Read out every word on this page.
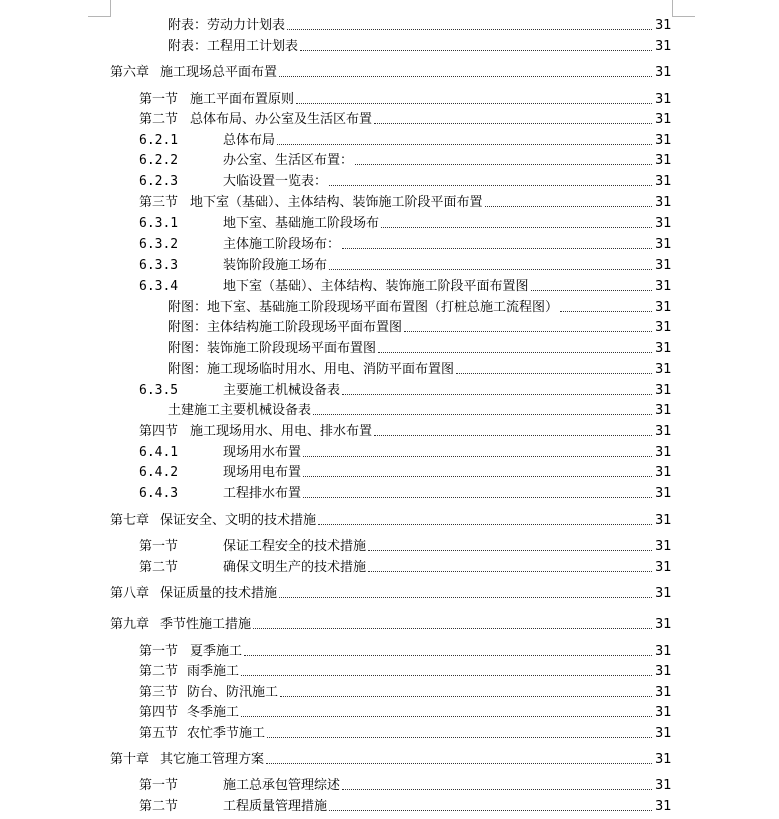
附表：劳动力计划表	31
附表：工程用工计划表	31
第六章 施工现场总平面布置	31
第一节 施工平面布置原则	31
第二节 总体布局、办公室及生活区布置	31
6.2.1	总体布局	31
6.2.2	办公室、生活区布置：	31
6.2.3	大临设置一览表：	31
第三节 地下室（基础）、主体结构、装饰施工阶段平面布置	31
6.3.1	地下室、基础施工阶段场布	31
6.3.2	主体施工阶段场布：	31
6.3.3	装饰阶段施工场布	31
6.3.4	地下室（基础）、主体结构、装饰施工阶段平面布置图	31
附图：地下室、基础施工阶段现场平面布置图（打桩总施工流程图）	31
附图：主体结构施工阶段现场平面布置图	31
附图：装饰施工阶段现场平面布置图	31
附图：施工现场临时用水、用电、消防平面布置图	31
6.3.5	主要施工机械设备表	31
土建施工主要机械设备表	31
第四节 施工现场用水、用电、排水布置	31
6.4.1	现场用水布置	31
6.4.2	现场用电布置	31
6.4.3	工程排水布置	31
第七章 保证安全、文明的技术措施	31
第一节	保证工程安全的技术措施	31
第二节	确保文明生产的技术措施	31
第八章 保证质量的技术措施	31
第九章 季节性施工措施	31
第一节 夏季施工	31
第二节 雨季施工	31
第三节 防台、防汛施工	31
第四节 冬季施工	31
第五节 农忙季节施工	31
第十章 其它施工管理方案	31
第一节	施工总承包管理综述	31
第二节	工程质量管理措施	31
